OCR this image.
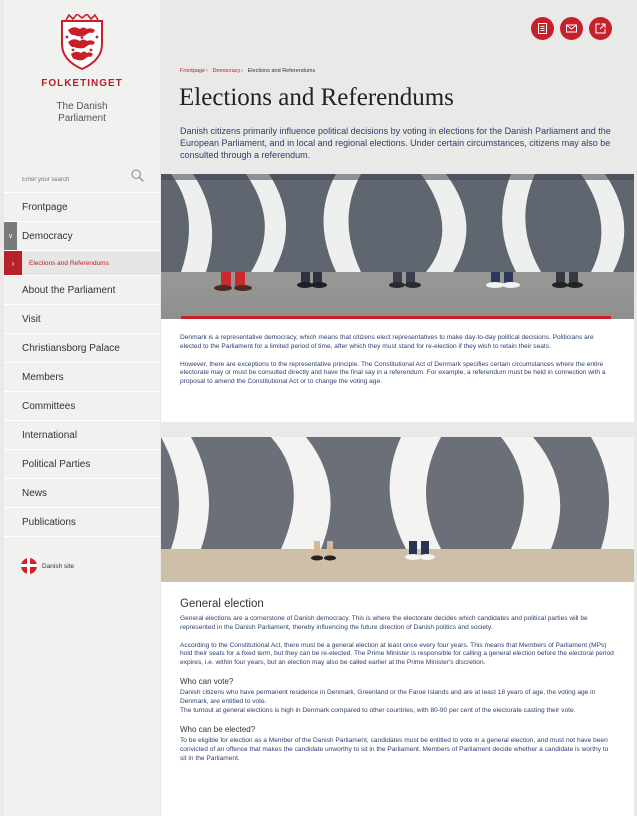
FOLKETINGET
The Danish
Parliament
Enter your search
Frontpage
∨ Democracy
›	Elections and Referendums
About the Parliament
Visit
Christiansborg Palace
Members
Committees
International
Political Parties
News
Publications
Danish site
Frontpage› Democracy› Elections and Referendums
Elections and Referendums

Danish citizens primarily influence political decisions by voting in elections for the Danish Parliament and the European Parliament, and in local and regional elections. Under certain circumstances, citizens may also be consulted through a referendum.

Denmark is a representative democracy, which means that citizens elect representatives to make day-to-day political decisions. Politicians are elected to the Parliament for a limited period of time, after which they must stand for re-election if they wish to retain their seats.

However, there are exceptions to the representative principle. The Constitutional Act of Denmark specifies certain circumstances where the entire electorate may or must be consulted directly and have the final say in a referendum. For example, a referendum must be held in connection with a proposal to amend the Constitutional Act or to change the voting age.

General election

General elections are a cornerstone of Danish democracy. This is where the electorate decides which candidates and political parties will be represented in the Danish Parliament, thereby influencing the future direction of Danish politics and society.

According to the Constitutional Act, there must be a general election at least once every four years. This means that Members of Parliament (MPs) hold their seats for a fixed term, but they can be re-elected. The Prime Minister is responsible for calling a general election before the electoral period expires, i.e. within four years, but an election may also be called earlier at the Prime Minister's discretion.

Who can vote?

Danish citizens who have permanent residence in Denmark, Greenland or the Faroe Islands and are at least 18 years of age, the voting age in Denmark, are entitled to vote.

The turnout at general elections is high in Denmark compared to other countries, with 80-90 per cent of the electorate casting their vote.

Who can be elected?

To be eligible for election as a Member of the Danish Parliament, candidates must be entitled to vote in a general election, and must not have been convicted of an offence that makes the candidate unworthy to sit in the Parliament. Members of Parliament decide whether a candidate is worthy to sit in the Parliament.
